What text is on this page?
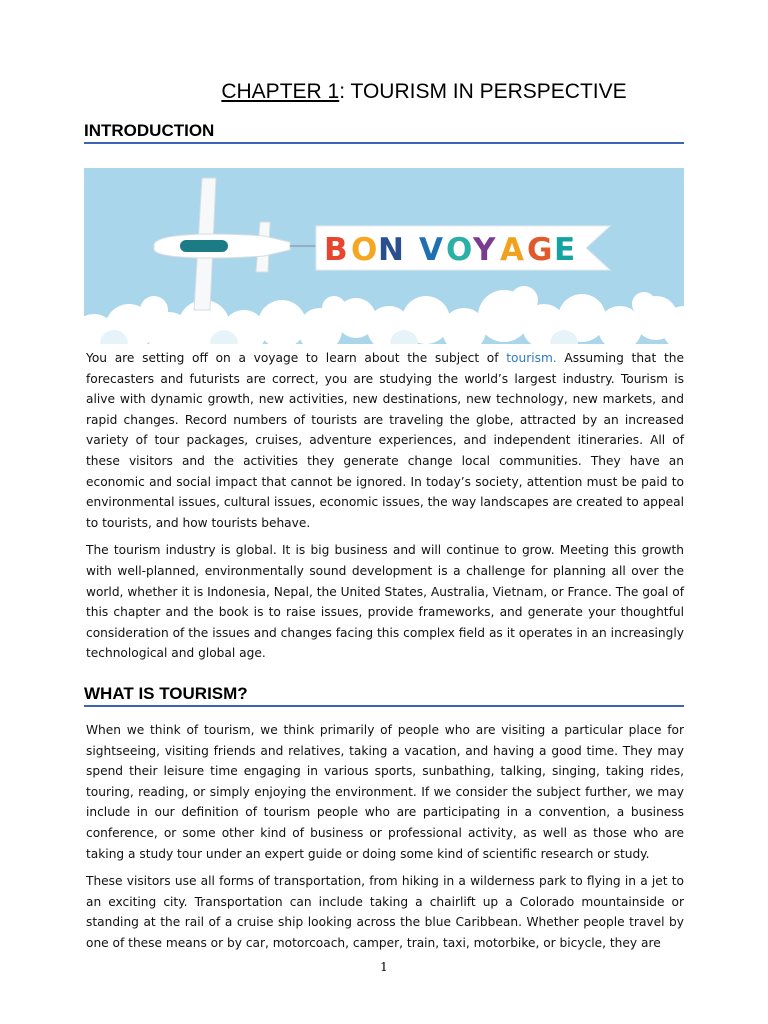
CHAPTER 1: TOURISM IN PERSPECTIVE
INTRODUCTION
B O N V O Y A G E

You are setting off on a voyage to learn about the subject of tourism. Assuming that the forecasters and futurists are correct, you are studying the world’s largest industry. Tourism is alive with dynamic growth, new activities, new destinations, new technology, new markets, and rapid changes. Record numbers of tourists are traveling the globe, attracted by an increased variety of tour packages, cruises, adventure experiences, and independent itineraries. All of these visitors and the activities they generate change local communities. They have an economic and social impact that cannot be ignored. In today’s society, attention must be paid to environmental issues, cultural issues, economic issues, the way landscapes are created to appeal to tourists, and how tourists behave.

The tourism industry is global. It is big business and will continue to grow. Meeting this growth with well-planned, environmentally sound development is a challenge for planning all over the world, whether it is Indonesia, Nepal, the United States, Australia, Vietnam, or France. The goal of this chapter and the book is to raise issues, provide frameworks, and generate your thoughtful consideration of the issues and changes facing this complex field as it operates in an increasingly technological and global age.

WHAT IS TOURISM?

When we think of tourism, we think primarily of people who are visiting a particular place for sightseeing, visiting friends and relatives, taking a vacation, and having a good time. They may spend their leisure time engaging in various sports, sunbathing, talking, singing, taking rides, touring, reading, or simply enjoying the environment. If we consider the subject further, we may include in our definition of tourism people who are participating in a convention, a business conference, or some other kind of business or professional activity, as well as those who are taking a study tour under an expert guide or doing some kind of scientific research or study.

These visitors use all forms of transportation, from hiking in a wilderness park to flying in a jet to an exciting city. Transportation can include taking a chairlift up a Colorado mountainside or standing at the rail of a cruise ship looking across the blue Caribbean. Whether people travel by one of these means or by car, motorcoach, camper, train, taxi, motorbike, or bicycle, they are

1
